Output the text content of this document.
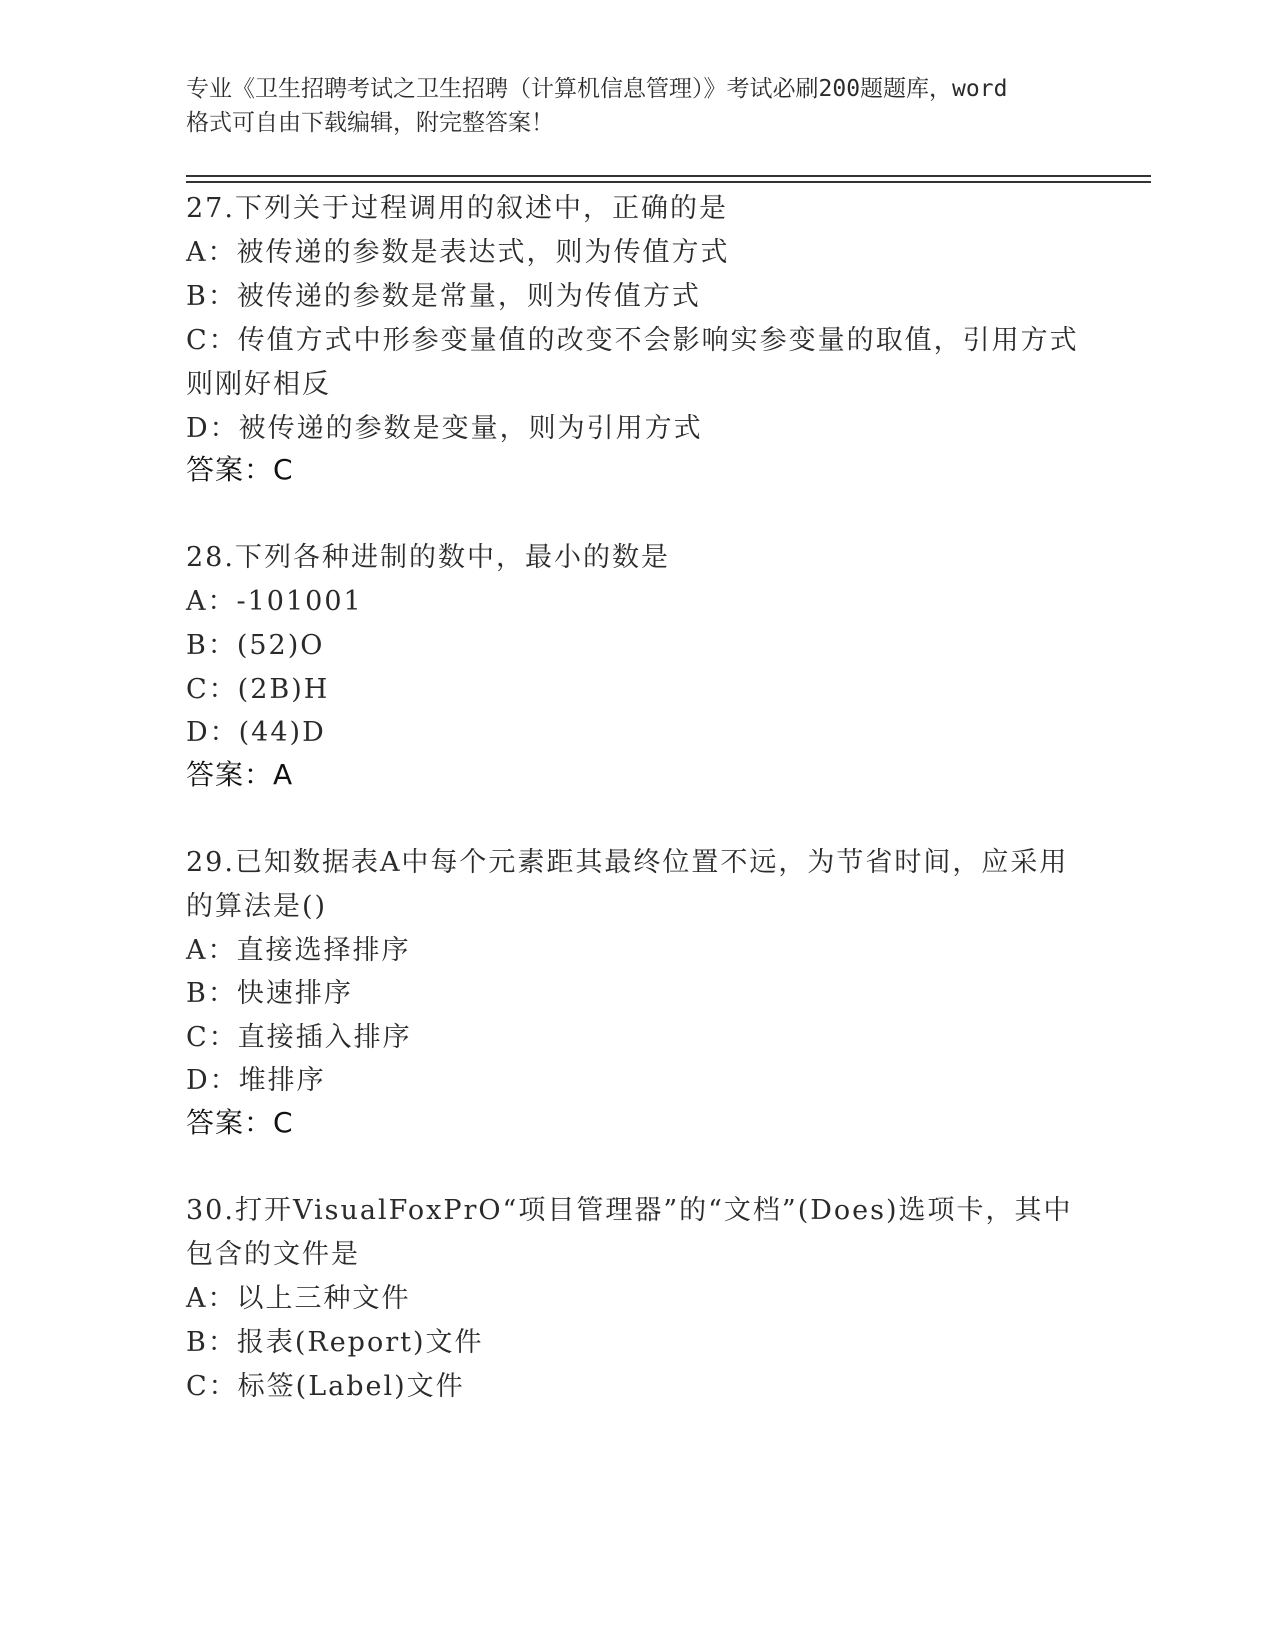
专业《卫生招聘考试之卫生招聘（计算机信息管理）》考试必刷200题题库，word
格式可自由下载编辑，附完整答案！
27.下列关于过程调用的叙述中，正确的是
A：被传递的参数是表达式，则为传值方式
B：被传递的参数是常量，则为传值方式
C：传值方式中形参变量值的改变不会影响实参变量的取值，引用方式
则刚好相反
D：被传递的参数是变量，则为引用方式
答案：C
28.下列各种进制的数中，最小的数是
A：-101001
B：(52)O
C：(2B)H
D：(44)D
答案：A
29.已知数据表A中每个元素距其最终位置不远，为节省时间，应采用
的算法是()
A：直接选择排序
B：快速排序
C：直接插入排序
D：堆排序
答案：C
30.打开VisualFoxPrO“项目管理器”的“文档”(Does)选项卡，其中
包含的文件是
A：以上三种文件
B：报表(Report)文件
C：标签(Label)文件
